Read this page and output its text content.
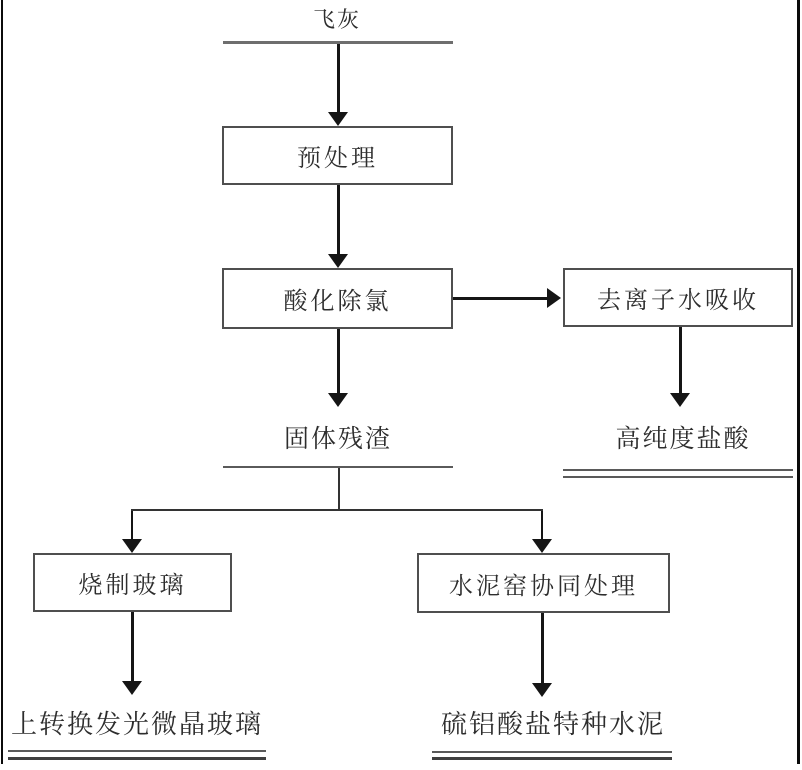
飞灰
预处理
酸化除氯	去离子水吸收
固体残渣	高纯度盐酸
烧制玻璃	水泥窑协同处理
上转换发光微晶玻璃	硫铝酸盐特种水泥
